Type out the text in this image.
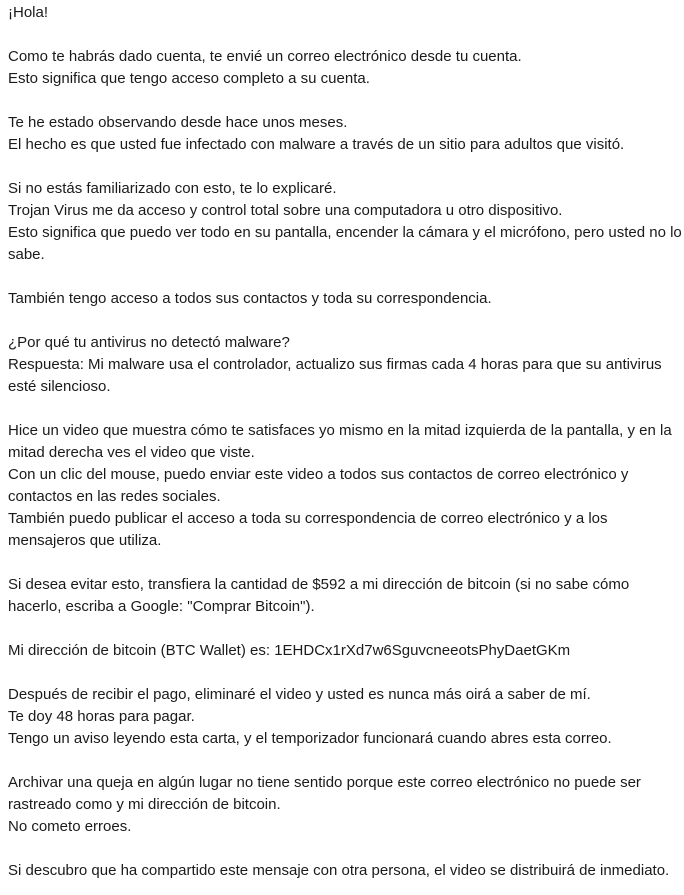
¡Hola!
Como te habrás dado cuenta, te envié un correo electrónico desde tu cuenta.
Esto significa que tengo acceso completo a su cuenta.
Te he estado observando desde hace unos meses.
El hecho es que usted fue infectado con malware a través de un sitio para adultos que visitó.
Si no estás familiarizado con esto, te lo explicaré.
Trojan Virus me da acceso y control total sobre una computadora u otro dispositivo.
Esto significa que puedo ver todo en su pantalla, encender la cámara y el micrófono, pero usted no lo sabe.
También tengo acceso a todos sus contactos y toda su correspondencia.
¿Por qué tu antivirus no detectó malware?
Respuesta: Mi malware usa el controlador, actualizo sus firmas cada 4 horas para que su antivirus esté silencioso.
Hice un video que muestra cómo te satisfaces yo mismo en la mitad izquierda de la pantalla, y en la mitad derecha ves el video que viste.
Con un clic del mouse, puedo enviar este video a todos sus contactos de correo electrónico y contactos en las redes sociales.
También puedo publicar el acceso a toda su correspondencia de correo electrónico y a los mensajeros que utiliza.
Si desea evitar esto, transfiera la cantidad de $592 a mi dirección de bitcoin (si no sabe cómo hacerlo, escriba a Google: "Comprar Bitcoin").
Mi dirección de bitcoin (BTC Wallet) es: 1EHDCx1rXd7w6SguvcneeotsPhyDaetGKm
Después de recibir el pago, eliminaré el video y usted es nunca más oirá a saber de mí.
Te doy 48 horas para pagar.
Tengo un aviso leyendo esta carta, y el temporizador funcionará cuando abres esta correo.
Archivar una queja en algún lugar no tiene sentido porque este correo electrónico no puede ser rastreado como y mi dirección de bitcoin.
No cometo erroes.
Si descubro que ha compartido este mensaje con otra persona, el video se distribuirá de inmediato.
